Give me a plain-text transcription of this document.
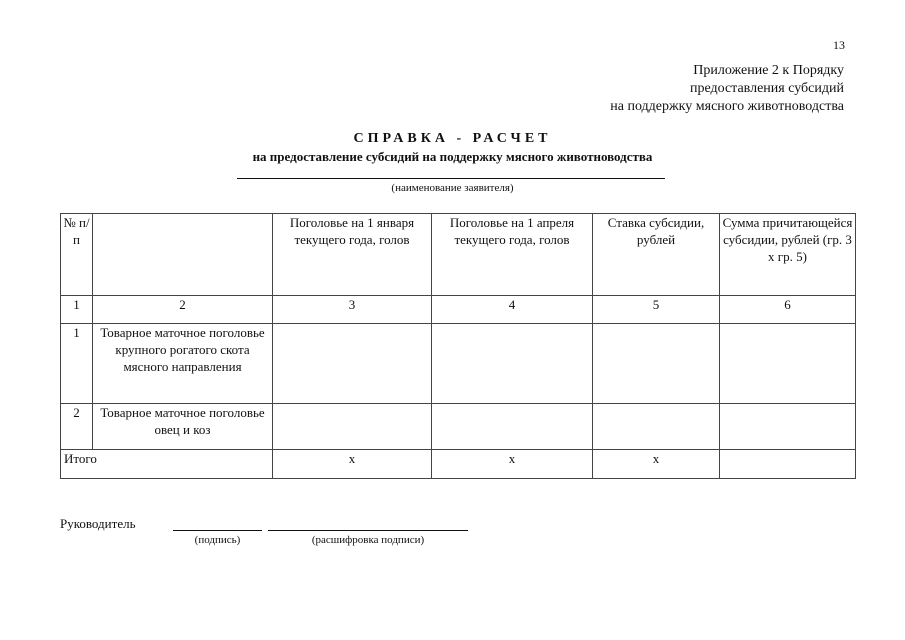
13
Приложение 2 к Порядку
предоставления субсидий
на поддержку мясного животноводства
СПРАВКА - РАСЧЕТ
на предоставление субсидий на поддержку мясного животноводства
(наименование заявителя)
№ п/п		Поголовье на 1 января текущего года, голов	Поголовье на 1 апреля текущего года, голов	Ставка субсидии, рублей	Сумма причитающейся субсидии, рублей (гр. 3 х гр. 5)
1	2	3	4	5	6
1	Товарное маточное поголовье крупного рогатого скота мясного направления				
2	Товарное маточное поголовье овец и коз				
Итого		х	х	х	
Руководитель
(подпись)	(расшифровка подписи)
